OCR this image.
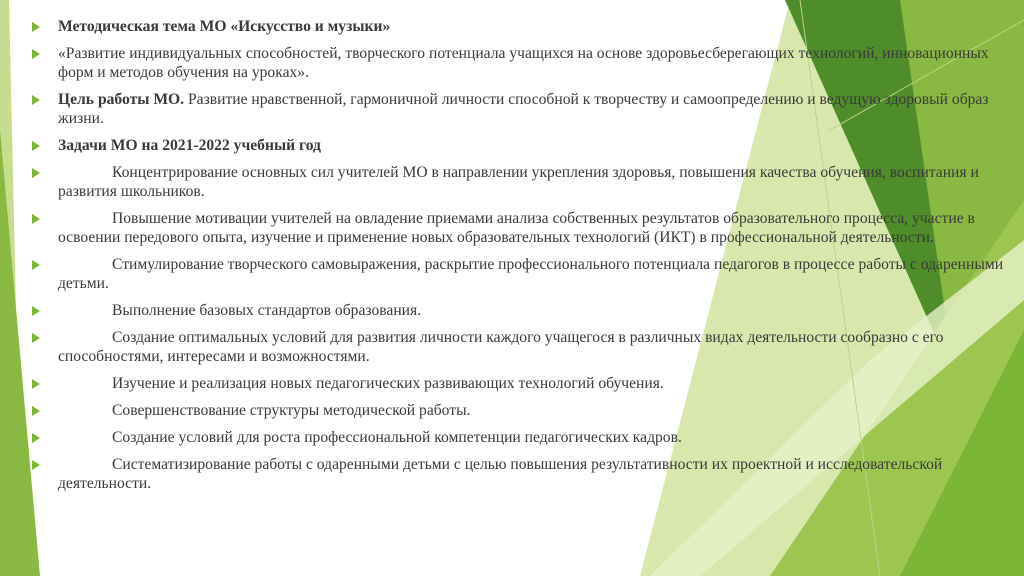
Методическая тема МО «Искусство и музыки»
«Развитие индивидуальных способностей, творческого потенциала учащихся на основе здоровьесберегающих технологий, инновационных форм и методов обучения на уроках».
Цель работы МО. Развитие нравственной, гармоничной личности способной к творчеству и самоопределению и ведущую здоровый образ жизни.
Задачи МО на 2021-2022 учебный год
Концентрирование основных сил учителей МО в направлении укрепления здоровья, повышения качества обучения, воспитания и развития школьников.
Повышение мотивации учителей на овладение приемами анализа собственных результатов образовательного процесса, участие в освоении передового опыта, изучение и применение новых образовательных технологий (ИКТ) в профессиональной деятельности.
Стимулирование творческого самовыражения, раскрытие профессионального потенциала педагогов в процессе работы с одаренными детьми.
Выполнение базовых стандартов образования.
Создание оптимальных условий для развития личности каждого учащегося в различных видах деятельности сообразно с его способностями, интересами и возможностями.
Изучение и реализация новых педагогических развивающих технологий обучения.
Совершенствование структуры методической работы.
Создание условий для роста профессиональной компетенции педагогических кадров.
Систематизирование работы с одаренными детьми с целью повышения результативности их проектной и исследовательской деятельности.
